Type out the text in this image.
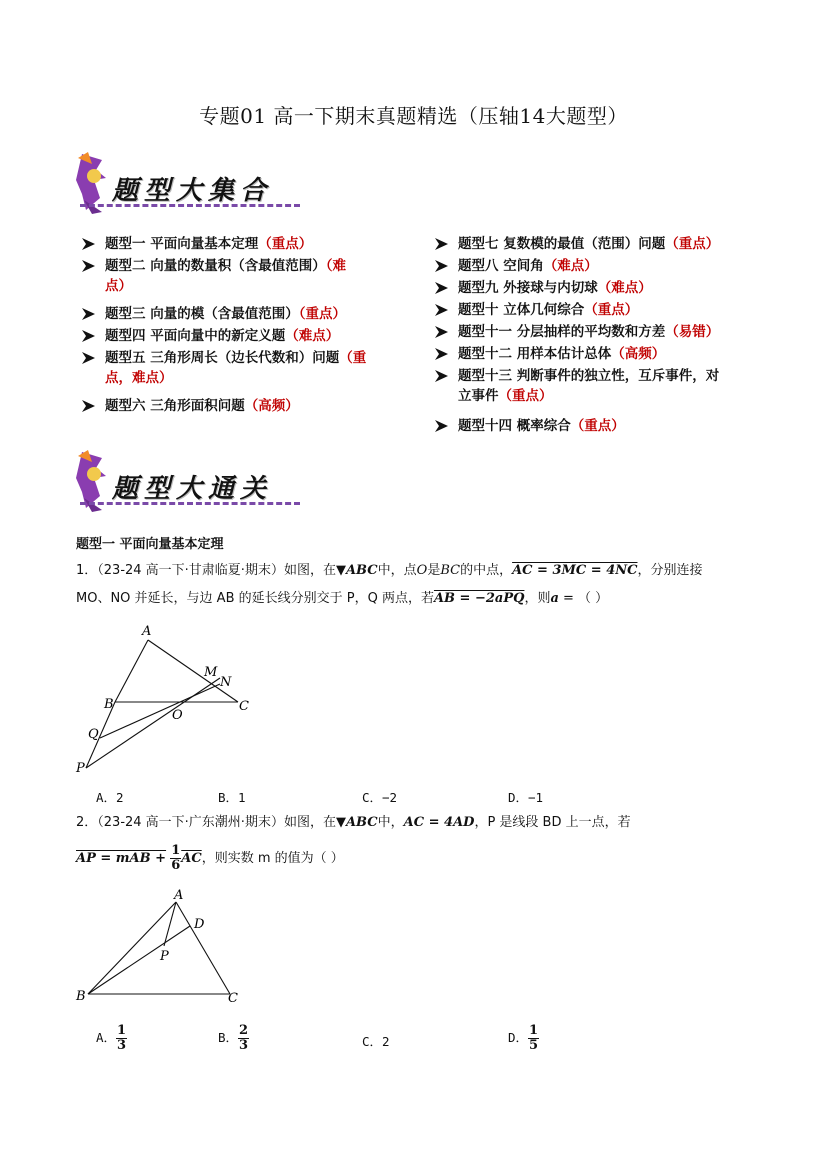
专题01 高一下期末真题精选（压轴14大题型）
题型大集合
题型一 平面向量基本定理（重点）
题型二 向量的数量积（含最值范围）（难
点）
题型三 向量的模（含最值范围）（重点）
题型四 平面向量中的新定义题（难点）
题型五 三角形周长（边长代数和）问题（重
点，难点）
题型六 三角形面积问题（高频）
题型七 复数模的最值（范围）问题（重点）
题型八 空间角（难点）
题型九 外接球与内切球（难点）
题型十 立体几何综合（重点）
题型十一 分层抽样的平均数和方差（易错）
题型十二 用样本估计总体（高频）
题型十三 判断事件的独立性，互斥事件，对
立事件（重点）
题型十四 概率综合（重点）
题型大通关
题型一 平面向量基本定理
1．（23-24 高一下·甘肃临夏·期末）如图，在▼ABC中，点O是BC的中点，AC = 3MC = 4NC，分别连接
MO、NO 并延长，与边 AB 的延长线分别交于 P，Q 两点，若AB = −2aPQ，则a = （ ）
A
B	C
M
N
O
Q
P
A．2	B．1	C．−2	D．−1
2．（23-24 高一下·广东潮州·期末）如图，在▼ABC中，AC = 4AD，P 是线段 BD 上一点，若
AP = mAB + $\frac{1}{6} \overline{AC}$，则实数 m 的值为（ ）
A
D
P
B	C
A． $\frac{1}{3}$	B． $\frac{2}{3}$	C．2	D． $\frac{1}{5}$
